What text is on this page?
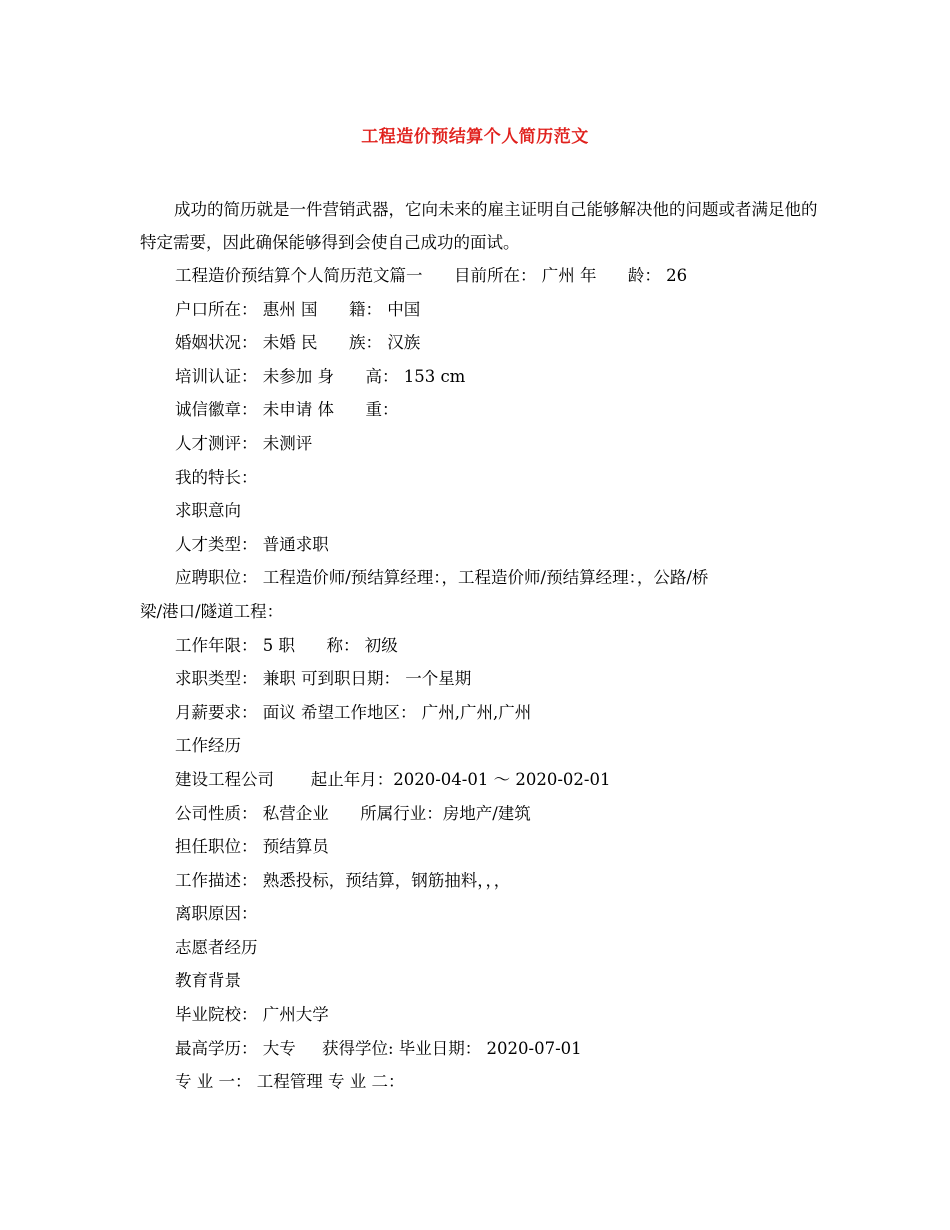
工程造价预结算个人简历范文

成功的简历就是一件营销武器，它向未来的雇主证明自己能够解决他的问题或者满足他的特定需要，因此确保能够得到会使自己成功的面试。

工程造价预结算个人简历范文篇一      目前所在： 广州 年      龄： 26
户口所在： 惠州 国      籍： 中国
婚姻状况： 未婚 民      族： 汉族
培训认证： 未参加 身      高： 153 cm
诚信徽章： 未申请 体      重：
人才测评： 未测评
我的特长：
求职意向
人才类型： 普通求职
应聘职位： 工程造价师/预结算经理：，工程造价师/预结算经理：，公路/桥
梁/港口/隧道工程：
工作年限： 5 职      称： 初级
求职类型： 兼职 可到职日期： 一个星期
月薪要求： 面议 希望工作地区： 广州,广州,广州
工作经历
建设工程公司       起止年月：2020-04-01 ～ 2020-02-01
公司性质： 私营企业      所属行业：房地产/建筑
担任职位： 预结算员
工作描述： 熟悉投标，预结算，钢筋抽料，，，
离职原因：
志愿者经历
教育背景
毕业院校： 广州大学
最高学历： 大专     获得学位: 毕业日期： 2020-07-01
专 业 一： 工程管理 专 业 二：
